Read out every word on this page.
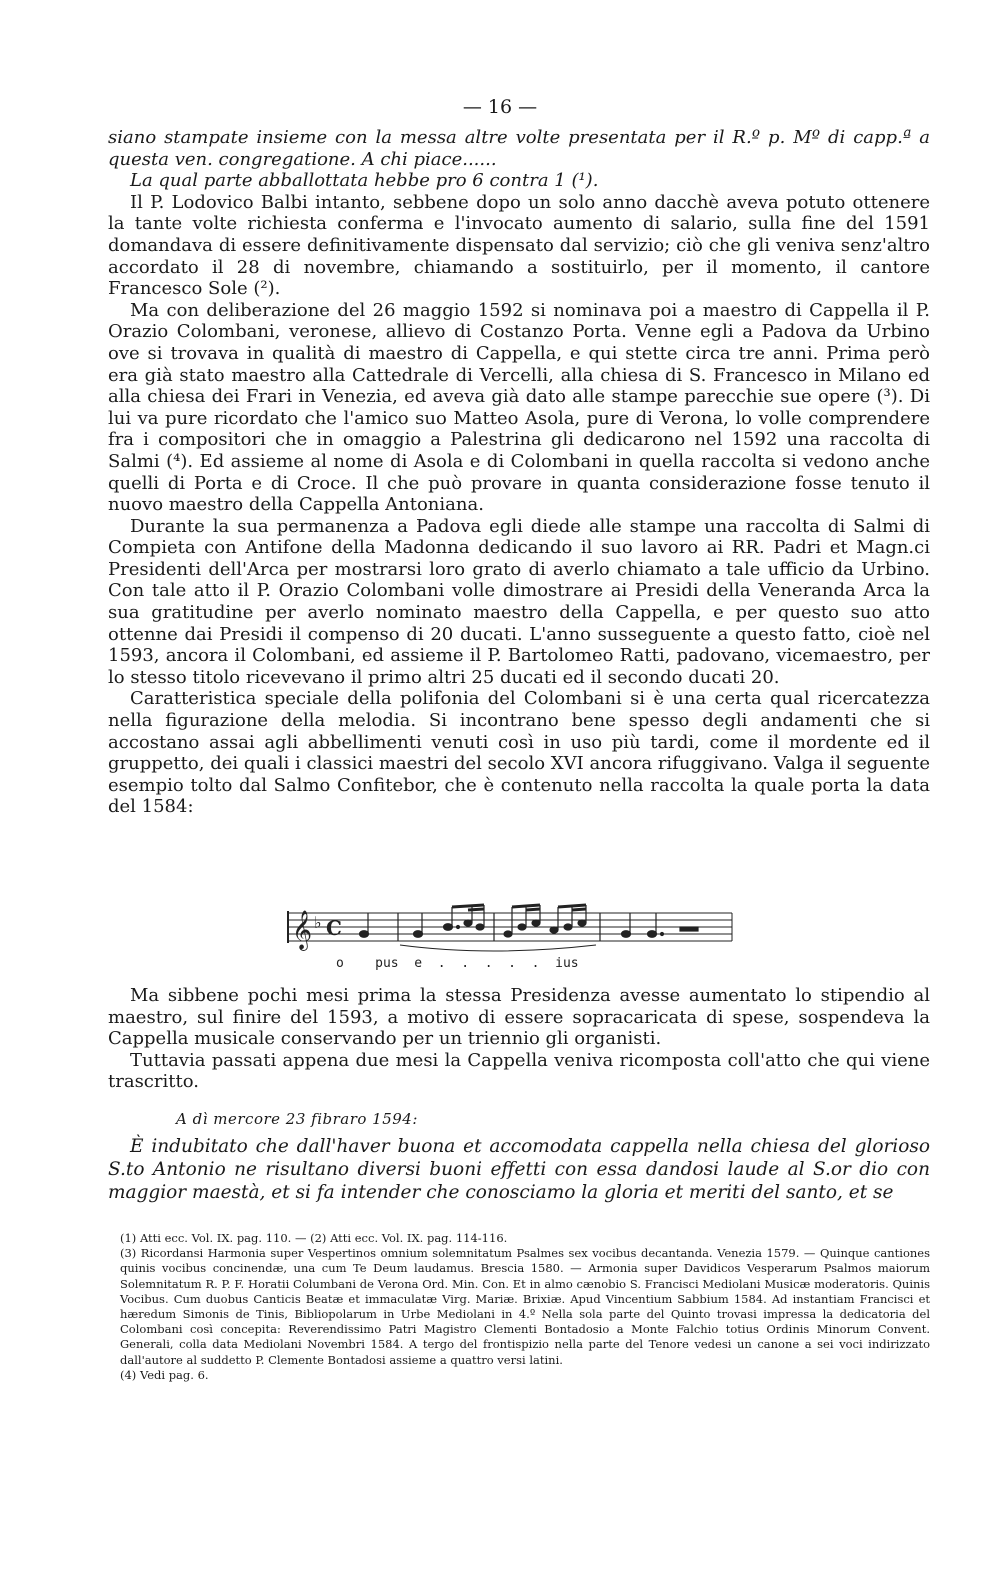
— 16 —

siano stampate insieme con la messa altre volte presentata per il R.º p. Mº di capp.ª a questa ven. congregatione. A chi piace......

La qual parte abballottata hebbe pro 6 contra 1 (¹).

Il P. Lodovico Balbi intanto, sebbene dopo un solo anno dacchè aveva potuto ottenere la tante volte richiesta conferma e l'invocato aumento di salario, sulla fine del 1591 domandava di essere definitivamente dispensato dal servizio; ciò che gli veniva senz'altro accordato il 28 di novembre, chiamando a sostituirlo, per il momento, il cantore Francesco Sole (²).

Ma con deliberazione del 26 maggio 1592 si nominava poi a maestro di Cappella il P. Orazio Colombani, veronese, allievo di Costanzo Porta. Venne egli a Padova da Urbino ove si trovava in qualità di maestro di Cappella, e qui stette circa tre anni. Prima però era già stato maestro alla Cattedrale di Vercelli, alla chiesa di S. Francesco in Milano ed alla chiesa dei Frari in Venezia, ed aveva già dato alle stampe parecchie sue opere (³). Di lui va pure ricordato che l'amico suo Matteo Asola, pure di Verona, lo volle comprendere fra i compositori che in omaggio a Palestrina gli dedicarono nel 1592 una raccolta di Salmi (⁴). Ed assieme al nome di Asola e di Colombani in quella raccolta si vedono anche quelli di Porta e di Croce. Il che può provare in quanta considerazione fosse tenuto il nuovo maestro della Cappella Antoniana.

Durante la sua permanenza a Padova egli diede alle stampe una raccolta di Salmi di Compieta con Antifone della Madonna dedicando il suo lavoro ai RR. Padri et Magn.ci Presidenti dell'Arca per mostrarsi loro grato di averlo chiamato a tale ufficio da Urbino. Con tale atto il P. Orazio Colombani volle dimostrare ai Presidi della Veneranda Arca la sua gratitudine per averlo nominato maestro della Cappella, e per questo suo atto ottenne dai Presidi il compenso di 20 ducati. L'anno susseguente a questo fatto, cioè nel 1593, ancora il Colombani, ed assieme il P. Bartolomeo Ratti, padovano, vicemaestro, per lo stesso titolo ricevevano il primo altri 25 ducati ed il secondo ducati 20.

Caratteristica speciale della polifonia del Colombani si è una certa qual ricercatezza nella figurazione della melodia. Si incontrano bene spesso degli andamenti che si accostano assai agli abbellimenti venuti così in uso più tardi, come il mordente ed il gruppetto, dei quali i classici maestri del secolo XVI ancora rifuggivano. Valga il seguente esempio tolto dal Salmo Confitebor, che è contenuto nella raccolta la quale porta la data del 1584:

𝄞 ♭ C
o    pus  e  .  .  .  .  .  ius

Ma sibbene pochi mesi prima la stessa Presidenza avesse aumentato lo stipendio al maestro, sul finire del 1593, a motivo di essere sopracaricata di spese, sospendeva la Cappella musicale conservando per un triennio gli organisti.

Tuttavia passati appena due mesi la Cappella veniva ricomposta coll'atto che qui viene trascritto.

A dì mercore 23 fibraro 1594:

È indubitato che dall'haver buona et accomodata cappella nella chiesa del glorioso S.to Antonio ne risultano diversi buoni effetti con essa dandosi laude al S.or dio con maggior maestà, et si fa intender che conosciamo la gloria et meriti del santo, et se

(1) Atti ecc. Vol. IX. pag. 110. — (2) Atti ecc. Vol. IX. pag. 114-116.

(3) Ricordansi Harmonia super Vespertinos omnium solemnitatum Psalmes sex vocibus decantanda. Venezia 1579. — Quinque cantiones quinis vocibus concinendæ, una cum Te Deum laudamus. Brescia 1580. — Armonia super Davidicos Vesperarum Psalmos maiorum Solemnitatum R. P. F. Horatii Columbani de Verona Ord. Min. Con. Et in almo cænobio S. Francisci Mediolani Musicæ moderatoris. Quinis Vocibus. Cum duobus Canticis Beatæ et immaculatæ Virg. Mariæ. Brixiæ. Apud Vincentium Sabbium 1584. Ad instantiam Francisci et hæredum Simonis de Tinis, Bibliopolarum in Urbe Mediolani in 4.º Nella sola parte del Quinto trovasi impressa la dedicatoria del Colombani così concepita: Reverendissimo Patri Magistro Clementi Bontadosio a Monte Falchio totius Ordinis Minorum Convent. Generali, colla data Mediolani Novembri 1584. A tergo del frontispizio nella parte del Tenore vedesi un canone a sei voci indirizzato dall'autore al suddetto P. Clemente Bontadosi assieme a quattro versi latini.

(4) Vedi pag. 6.
